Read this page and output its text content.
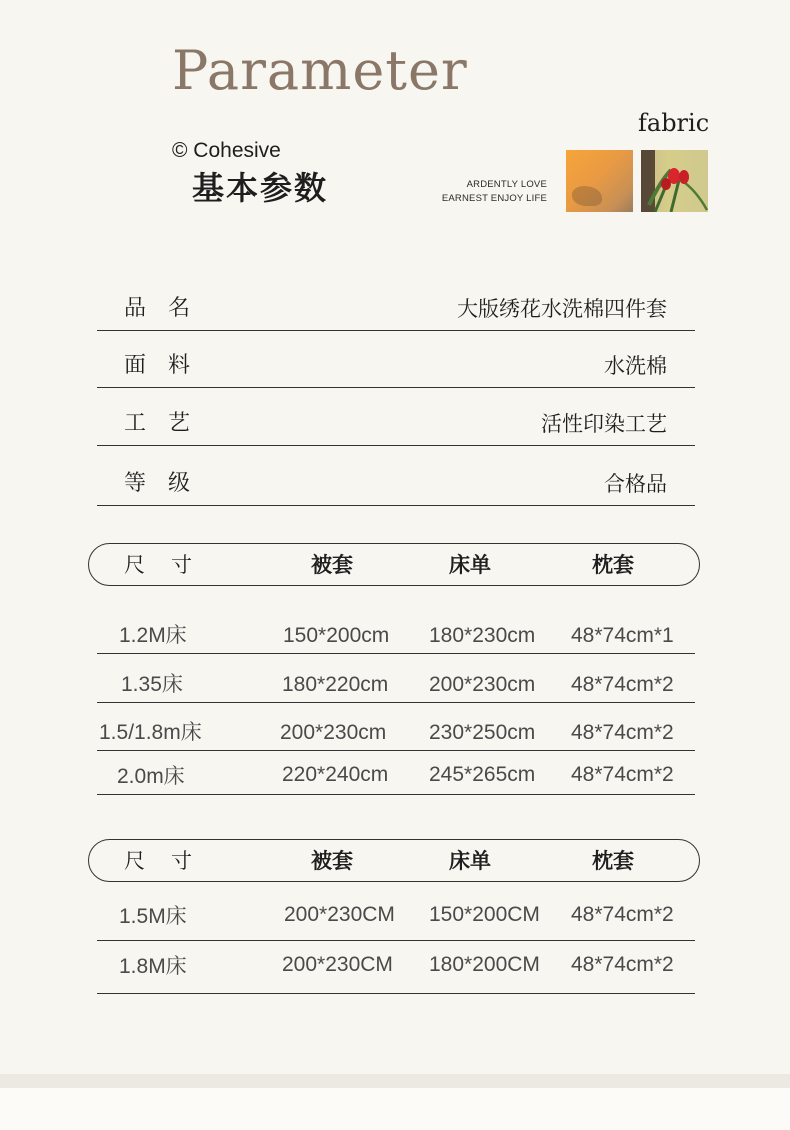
Parameter
© Cohesive
基本参数
fabric
ARDENTLY LOVE
EARNEST ENJOY LIFE
品名	大版绣花水洗棉四件套
面料	水洗棉
工艺	活性印染工艺
等级	合格品
尺寸	被套	床单	枕套
1.2M床	150*200cm 180*230cm 48*74cm*1
1.35床	180*220cm 200*230cm 48*74cm*2
1.5/1.8m床	200*230cm 230*250cm 48*74cm*2
2.0m床	220*240cm 245*265cm 48*74cm*2
尺寸	被套	床单	枕套
1.5M床	200*230CM 150*200CM 48*74cm*2
1.8M床	200*230CM 180*200CM 48*74cm*2
